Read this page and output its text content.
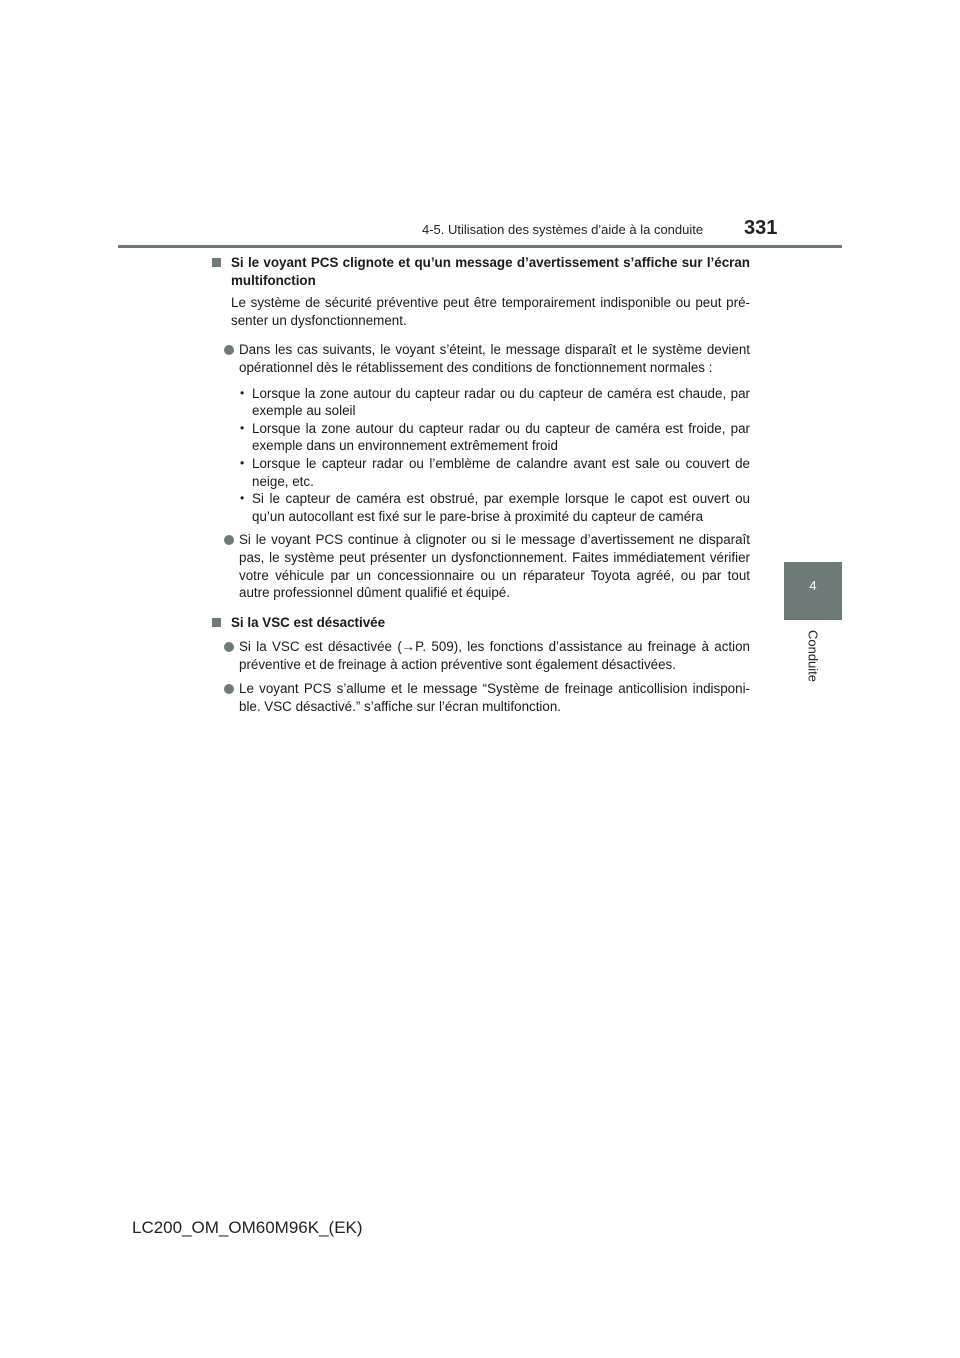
4-5. Utilisation des systèmes d’aide à la conduite 331
4
Conduite
Si le voyant PCS clignote et qu’un message d’avertissement s’affiche sur l’écran multifonction
Le système de sécurité préventive peut être temporairement indisponible ou peut pré-senter un dysfonctionnement.
Dans les cas suivants, le voyant s’éteint, le message disparaît et le système devient opérationnel dès le rétablissement des conditions de fonctionnement normales :
• Lorsque la zone autour du capteur radar ou du capteur de caméra est chaude, par exemple au soleil
• Lorsque la zone autour du capteur radar ou du capteur de caméra est froide, par exemple dans un environnement extrêmement froid
• Lorsque le capteur radar ou l’emblème de calandre avant est sale ou couvert de neige, etc.
• Si le capteur de caméra est obstrué, par exemple lorsque le capot est ouvert ou qu’un autocollant est fixé sur le pare-brise à proximité du capteur de caméra
Si le voyant PCS continue à clignoter ou si le message d’avertissement ne disparaît pas, le système peut présenter un dysfonctionnement. Faites immédiatement vérifier votre véhicule par un concessionnaire ou un réparateur Toyota agréé, ou par tout autre professionnel dûment qualifié et équipé.
Si la VSC est désactivée
Si la VSC est désactivée (→P. 509), les fonctions d’assistance au freinage à action préventive et de freinage à action préventive sont également désactivées.
Le voyant PCS s’allume et le message “Système de freinage anticollision indisponi-ble. VSC désactivé.” s’affiche sur l’écran multifonction.
LC200_OM_OM60M96K_(EK)
